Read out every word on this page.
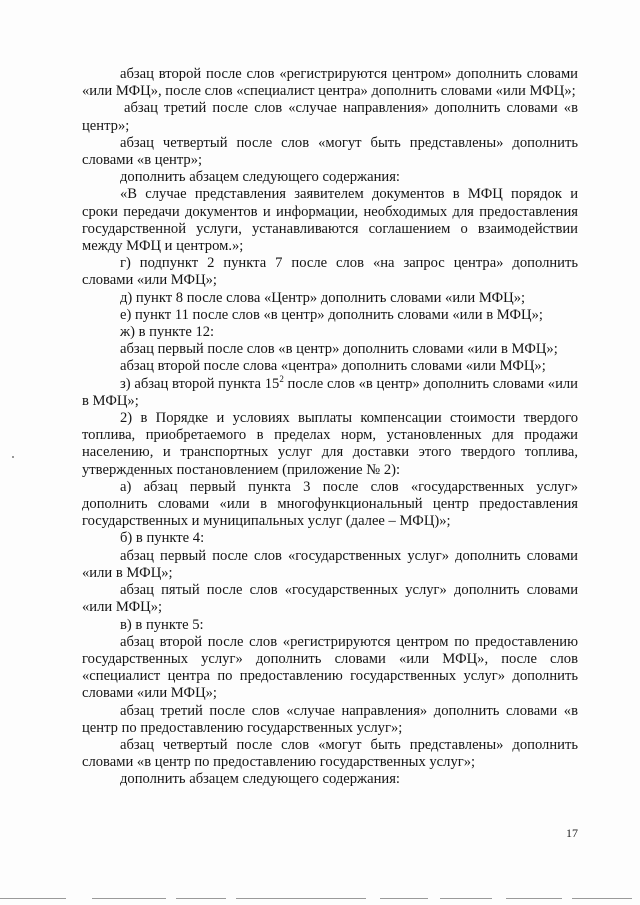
абзац второй после слов «регистрируются центром» дополнить словами «или МФЦ», после слов «специалист центра» дополнить словами «или МФЦ»;

абзац третий после слов «случае направления» дополнить словами «в центр»;

абзац четвертый после слов «могут быть представлены» дополнить словами «в центр»;

дополнить абзацем следующего содержания:

«В случае представления заявителем документов в МФЦ порядок и сроки передачи документов и информации, необходимых для предоставления государственной услуги, устанавливаются соглашением о взаимодействии между МФЦ и центром.»;

г) подпункт 2 пункта 7 после слов «на запрос центра» дополнить словами «или МФЦ»;

д) пункт 8 после слова «Центр» дополнить словами «или МФЦ»;

е) пункт 11 после слов «в центр» дополнить словами «или в МФЦ»;

ж) в пункте 12:

абзац первый после слов «в центр» дополнить словами «или в МФЦ»;

абзац второй после слова «центра» дополнить словами «или МФЦ»;

з) абзац второй пункта $15^2$ после слов «в центр» дополнить словами «или в МФЦ»;

2) в Порядке и условиях выплаты компенсации стоимости твердого топлива, приобретаемого в пределах норм, установленных для продажи населению, и транспортных услуг для доставки этого твердого топлива, утвержденных постановлением (приложение № 2):

а) абзац первый пункта 3 после слов «государственных услуг» дополнить словами «или в многофункциональный центр предоставления государственных и муниципальных услуг (далее – МФЦ)»;

б) в пункте 4:

абзац первый после слов «государственных услуг» дополнить словами «или в МФЦ»;

абзац пятый после слов «государственных услуг» дополнить словами «или МФЦ»;

в) в пункте 5:

абзац второй после слов «регистрируются центром по предоставлению государственных услуг» дополнить словами «или МФЦ», после слов «специалист центра по предоставлению государственных услуг» дополнить словами «или МФЦ»;

абзац третий после слов «случае направления» дополнить словами «в центр по предоставлению государственных услуг»;

абзац четвертый после слов «могут быть представлены» дополнить словами «в центр по предоставлению государственных услуг»;

дополнить абзацем следующего содержания:

17
